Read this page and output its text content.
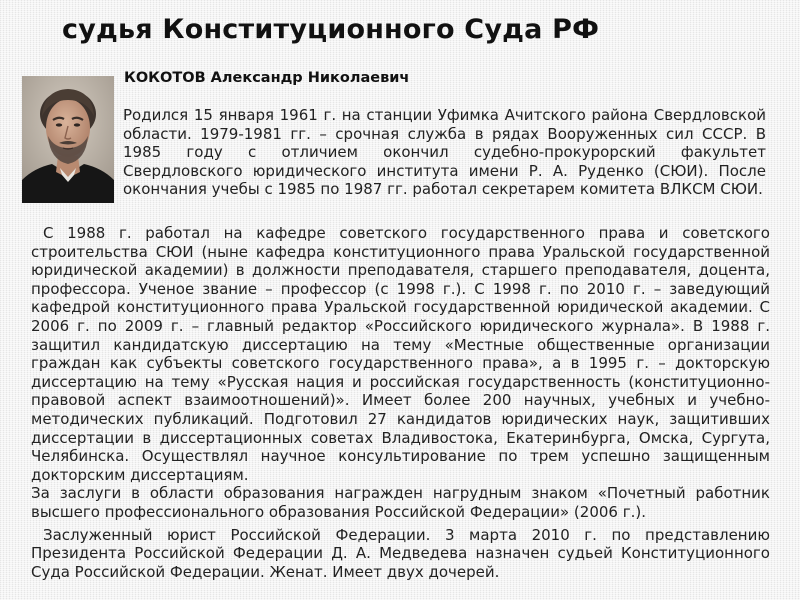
судья Конституционного Суда РФ
КОКОТОВ Александр Николаевич

Родился 15 января 1961 г. на станции Уфимка Ачитского района Свердловской области. 1979-1981 гг. – срочная служба в рядах Вооруженных сил СССР. В 1985 году с отличием окончил судебно-прокурорский факультет Свердловского юридического института имени Р. А. Руденко (СЮИ). После окончания учебы с 1985 по 1987 гг. работал секретарем комитета ВЛКСМ СЮИ.

С 1988 г. работал на кафедре советского государственного права и советского строительства СЮИ (ныне кафедра конституционного права Уральской государственной юридической академии) в должности преподавателя, старшего преподавателя, доцента, профессора. Ученое звание – профессор (с 1998 г.). С 1998 г. по 2010 г. – заведующий кафедрой конституционного права Уральской государственной юридической академии. С 2006 г. по 2009 г. – главный редактор «Российского юридического журнала». В 1988 г. защитил кандидатскую диссертацию на тему «Местные общественные организации граждан как субъекты советского государственного права», а в 1995 г. – докторскую диссертацию на тему «Русская нация и российская государственность (конституционно-правовой аспект взаимоотношений)». Имеет более 200 научных, учебных и учебно-методических публикаций. Подготовил 27 кандидатов юридических наук, защитивших диссертации в диссертационных советах Владивостока, Екатеринбурга, Омска, Сургута, Челябинска. Осуществлял научное консультирование по трем успешно защищенным докторским диссертациям.

За заслуги в области образования награжден нагрудным знаком «Почетный работник высшего профессионального образования Российской Федерации» (2006 г.).

Заслуженный юрист Российской Федерации. 3 марта 2010 г. по представлению Президента Российской Федерации Д. А. Медведева назначен судьей Конституционного Суда Российской Федерации. Женат. Имеет двух дочерей.
